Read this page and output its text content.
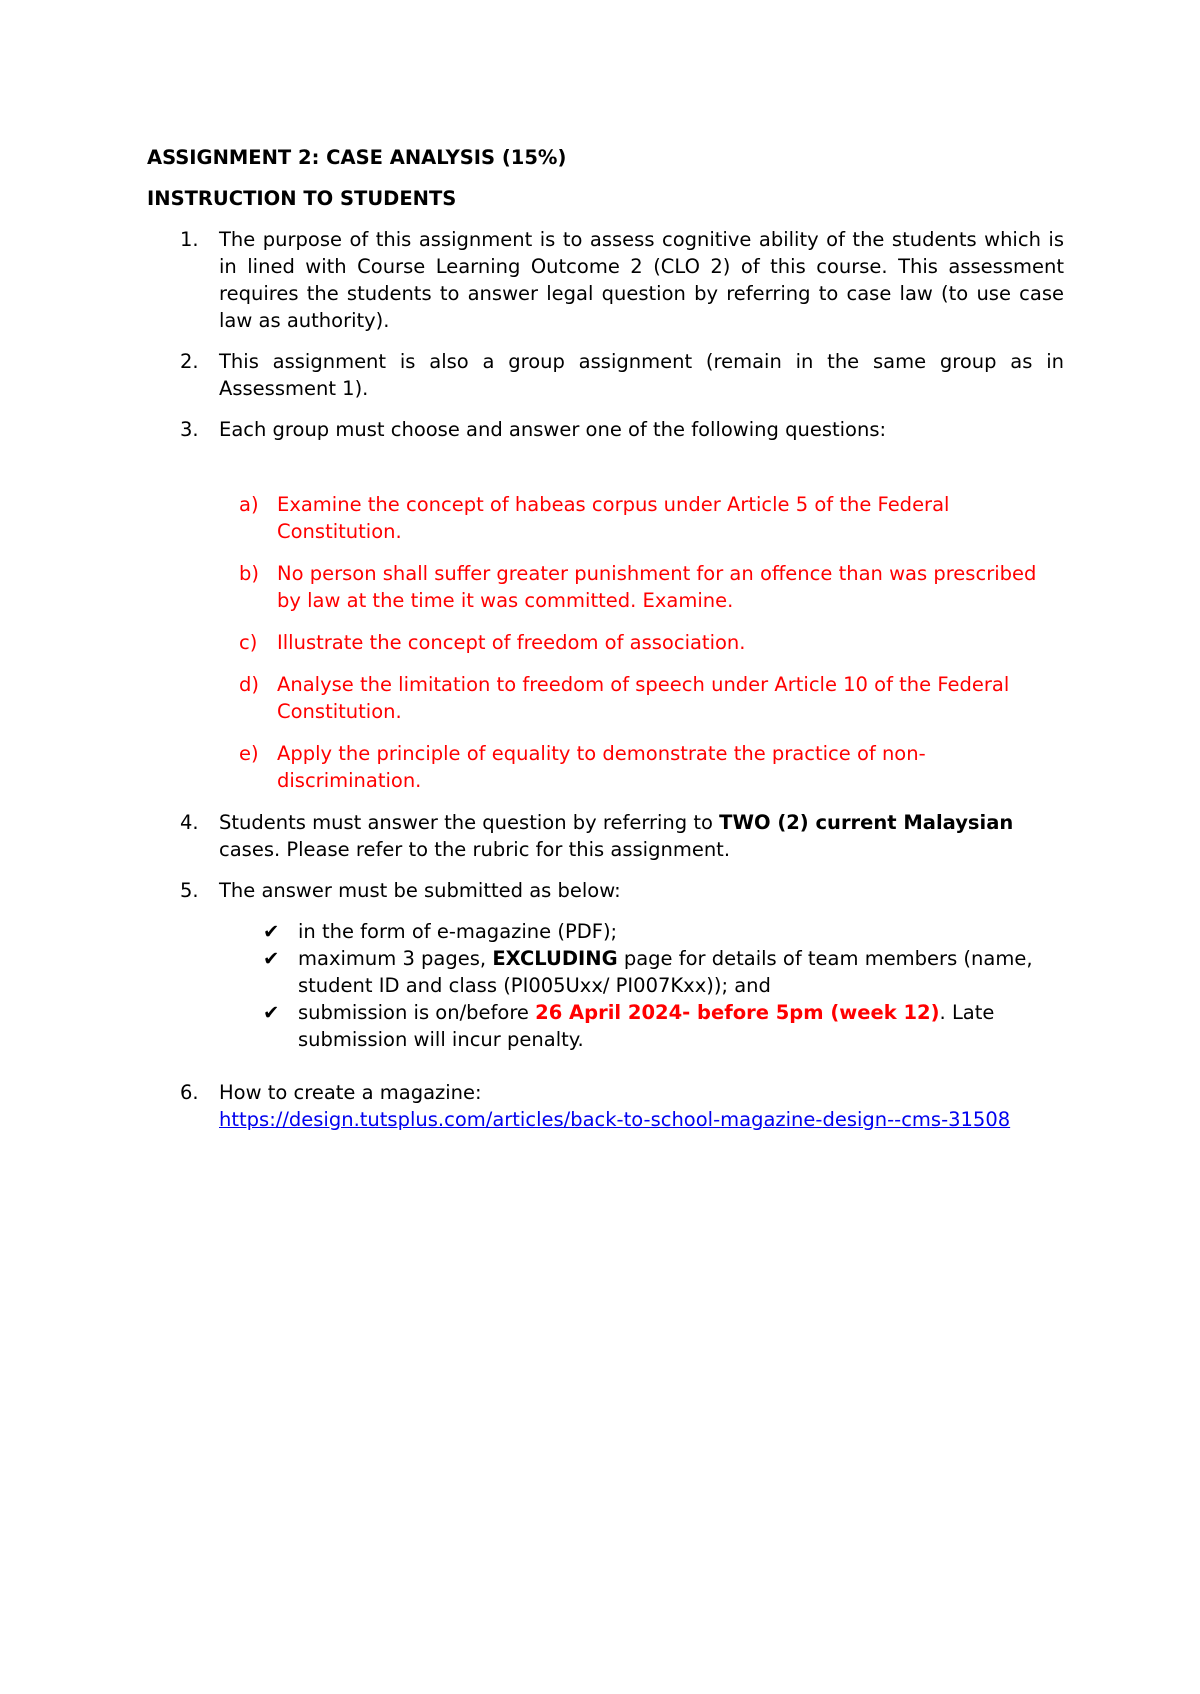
ASSIGNMENT 2: CASE ANALYSIS (15%)
INSTRUCTION TO STUDENTS
1. The purpose of this assignment is to assess cognitive ability of the students which is in lined with Course Learning Outcome 2 (CLO 2) of this course. This assessment requires the students to answer legal question by referring to case law (to use case law as authority).
2. This assignment is also a group assignment (remain in the same group as in Assessment 1).
3. Each group must choose and answer one of the following questions:
a) Examine the concept of habeas corpus under Article 5 of the Federal Constitution.
b) No person shall suffer greater punishment for an offence than was prescribed by law at the time it was committed. Examine.
c) Illustrate the concept of freedom of association.
d) Analyse the limitation to freedom of speech under Article 10 of the Federal Constitution.
e) Apply the principle of equality to demonstrate the practice of non-discrimination.
4. Students must answer the question by referring to TWO (2) current Malaysian cases. Please refer to the rubric for this assignment.
5. The answer must be submitted as below:
✔ in the form of e-magazine (PDF);
✔ maximum 3 pages, EXCLUDING page for details of team members (name, student ID and class (PI005Uxx/ PI007Kxx)); and
✔ submission is on/before 26 April 2024- before 5pm (week 12). Late submission will incur penalty.
6. How to create a magazine:
https://design.tutsplus.com/articles/back-to-school-magazine-design--cms-31508
